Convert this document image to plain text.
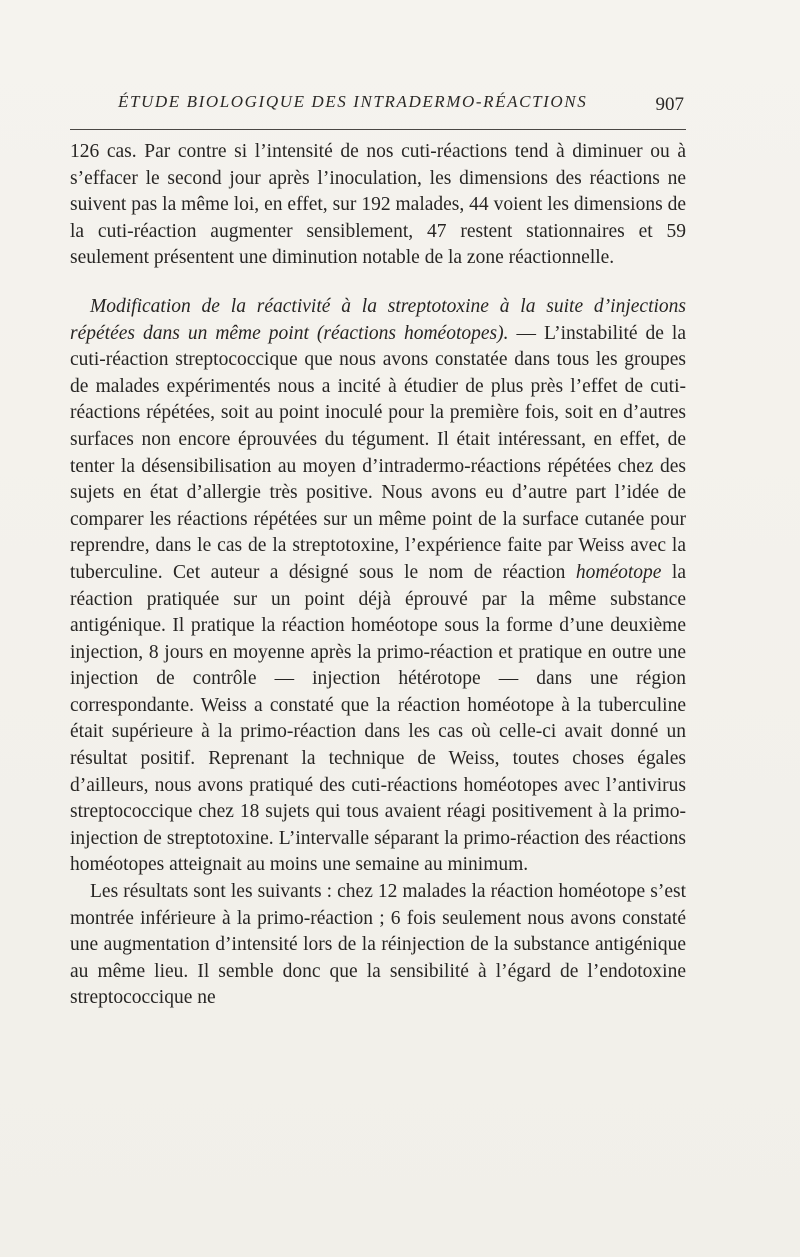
ÉTUDE BIOLOGIQUE DES INTRADERMO-RÉACTIONS	907

126 cas. Par contre si l’intensité de nos cuti-réactions tend à diminuer ou à s’effacer le second jour après l’inoculation, les dimensions des réactions ne suivent pas la même loi, en effet, sur 192 malades, 44 voient les dimensions de la cuti-réaction augmenter sensiblement, 47 restent stationnaires et 59 seulement présentent une diminution notable de la zone réactionnelle.

Modification de la réactivité à la streptotoxine à la suite d’injections répétées dans un même point (réactions homéotopes). — L’instabilité de la cuti-réaction streptococcique que nous avons constatée dans tous les groupes de malades expérimentés nous a incité à étudier de plus près l’effet de cuti-réactions répétées, soit au point inoculé pour la première fois, soit en d’autres surfaces non encore éprouvées du tégument. Il était intéressant, en effet, de tenter la désensibilisation au moyen d’intradermo-réactions répétées chez des sujets en état d’allergie très positive. Nous avons eu d’autre part l’idée de comparer les réactions répétées sur un même point de la surface cutanée pour reprendre, dans le cas de la streptotoxine, l’expérience faite par Weiss avec la tuberculine. Cet auteur a désigné sous le nom de réaction homéotope la réaction pratiquée sur un point déjà éprouvé par la même substance antigénique. Il pratique la réaction homéotope sous la forme d’une deuxième injection, 8 jours en moyenne après la primo-réaction et pratique en outre une injection de contrôle — injection hétérotope — dans une région correspondante. Weiss a constaté que la réaction homéotope à la tuberculine était supérieure à la primo-réaction dans les cas où celle-ci avait donné un résultat positif. Reprenant la technique de Weiss, toutes choses égales d’ailleurs, nous avons pratiqué des cuti-réactions homéotopes avec l’antivirus streptococcique chez 18 sujets qui tous avaient réagi positivement à la primo-injection de streptotoxine. L’intervalle séparant la primo-réaction des réactions homéotopes atteignait au moins une semaine au minimum.

Les résultats sont les suivants : chez 12 malades la réaction homéotope s’est montrée inférieure à la primo-réaction ; 6 fois seulement nous avons constaté une augmentation d’intensité lors de la réinjection de la substance antigénique au même lieu. Il semble donc que la sensibilité à l’égard de l’endotoxine streptococcique ne
